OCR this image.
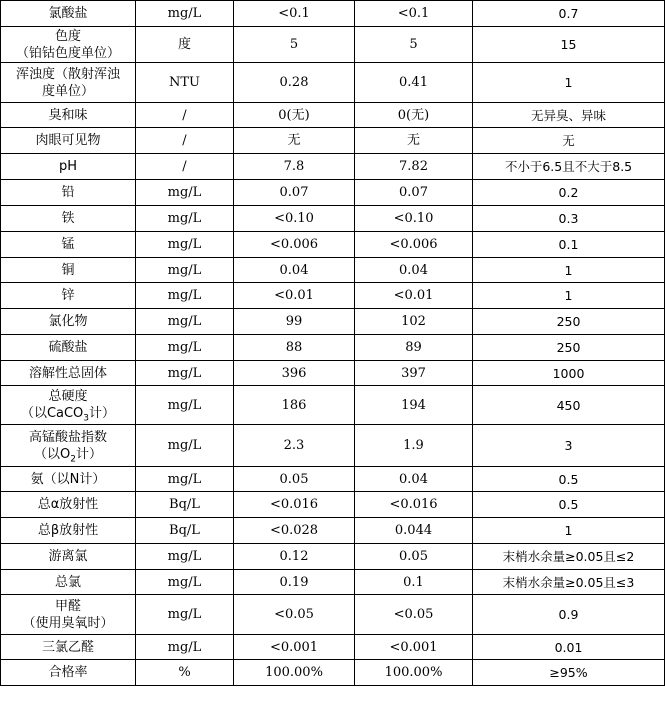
氯酸盐	mg/L	<0.1	<0.1	0.7

色度
（铂钴色度单位）	度	5	5	15

浑浊度（散射浑浊
度单位）	NTU	0.28	0.41	1

臭和味	/	0(无)	0(无)	无异臭、异味

肉眼可见物	/	无	无	无

pH	/	7.8	7.82	不小于6.5且不大于8.5

铅	mg/L	0.07	0.07	0.2

铁	mg/L	<0.10	<0.10	0.3

锰	mg/L	<0.006	<0.006	0.1

铜	mg/L	0.04	0.04	1

锌	mg/L	<0.01	<0.01	1

氯化物	mg/L	99	102	250

硫酸盐	mg/L	88	89	250

溶解性总固体	mg/L	396	397	1000

总硬度
（以CaCO$_3$计）	mg/L	186	194	450

高锰酸盐指数
（以$O_2$计）	mg/L	2.3	1.9	3

氨（以N计）	mg/L	0.05	0.04	0.5

总α放射性	Bq/L	<0.016	<0.016	0.5

总β放射性	Bq/L	<0.028	0.044	1

游离氯	mg/L	0.12	0.05	末梢水余量≥0.05且≤2

总氯	mg/L	0.19	0.1	末梢水余量≥0.05且≤3

甲醛
（使用臭氧时）	mg/L	<0.05	<0.05	0.9

三氯乙醛	mg/L	<0.001	<0.001	0.01

合格率	%	100.00%	100.00%	≥95%
